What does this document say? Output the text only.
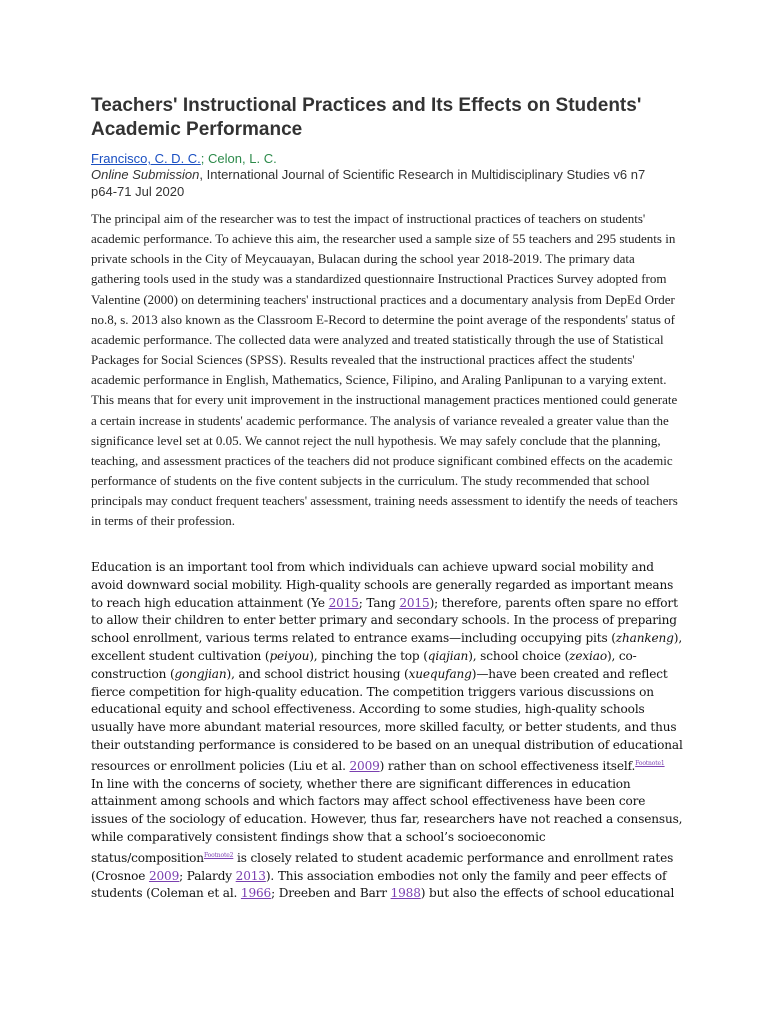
Teachers' Instructional Practices and Its Effects on Students' Academic Performance
Francisco, C. D. C.; Celon, L. C.
Online Submission, International Journal of Scientific Research in Multidisciplinary Studies v6 n7 p64-71 Jul 2020

The principal aim of the researcher was to test the impact of instructional practices of teachers on students' academic performance. To achieve this aim, the researcher used a sample size of 55 teachers and 295 students in private schools in the City of Meycauayan, Bulacan during the school year 2018-2019. The primary data gathering tools used in the study was a standardized questionnaire Instructional Practices Survey adopted from Valentine (2000) on determining teachers' instructional practices and a documentary analysis from DepEd Order no.8, s. 2013 also known as the Classroom E-Record to determine the point average of the respondents' status of academic performance. The collected data were analyzed and treated statistically through the use of Statistical Packages for Social Sciences (SPSS). Results revealed that the instructional practices affect the students' academic performance in English, Mathematics, Science, Filipino, and Araling Panlipunan to a varying extent. This means that for every unit improvement in the instructional management practices mentioned could generate a certain increase in students' academic performance. The analysis of variance revealed a greater value than the significance level set at 0.05. We cannot reject the null hypothesis. We may safely conclude that the planning, teaching, and assessment practices of the teachers did not produce significant combined effects on the academic performance of students on the five content subjects in the curriculum. The study recommended that school principals may conduct frequent teachers' assessment, training needs assessment to identify the needs of teachers in terms of their profession.

Education is an important tool from which individuals can achieve upward social mobility and avoid downward social mobility. High-quality schools are generally regarded as important means to reach high education attainment (Ye 2015; Tang 2015); therefore, parents often spare no effort to allow their children to enter better primary and secondary schools. In the process of preparing school enrollment, various terms related to entrance exams—including occupying pits (zhankeng), excellent student cultivation (peiyou), pinching the top (qiajian), school choice (zexiao), co-construction (gongjian), and school district housing (xuequfang)—have been created and reflect fierce competition for high-quality education. The competition triggers various discussions on educational equity and school effectiveness. According to some studies, high-quality schools usually have more abundant material resources, more skilled faculty, or better students, and thus their outstanding performance is considered to be based on an unequal distribution of educational resources or enrollment policies (Liu et al. 2009) rather than on school effectiveness itself.$^{Footnote1}$
In line with the concerns of society, whether there are significant differences in education attainment among schools and which factors may affect school effectiveness have been core issues of the sociology of education. However, thus far, researchers have not reached a consensus, while comparatively consistent findings show that a school’s socioeconomic status/composition$^{Footnote2}$ is closely related to student academic performance and enrollment rates (Crosnoe 2009; Palardy 2013). This association embodies not only the family and peer effects of students (Coleman et al. 1966; Dreeben and Barr 1988) but also the effects of school educational
